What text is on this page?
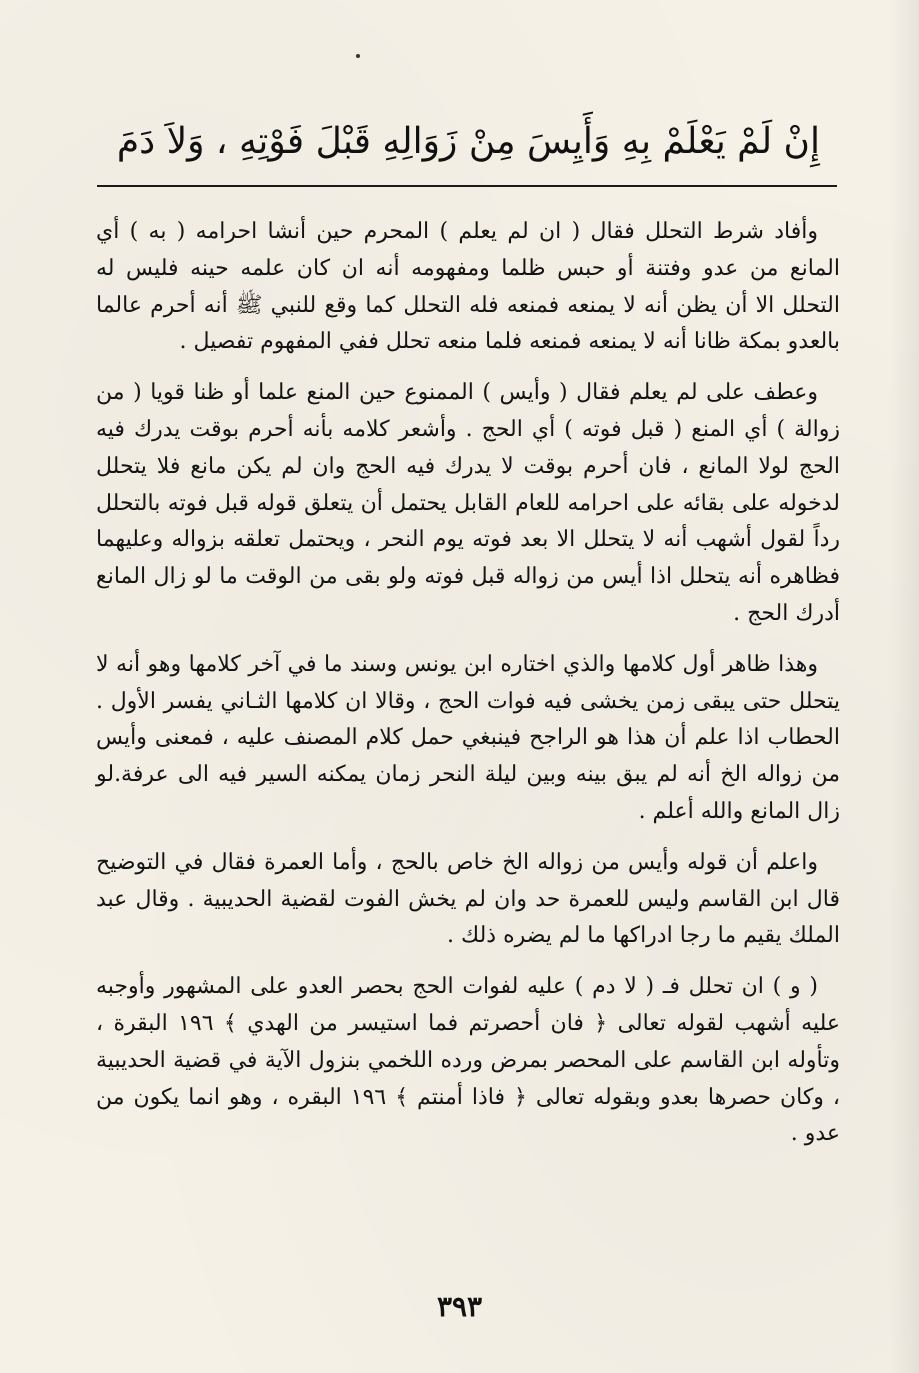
إِنْ لَمْ يَعْلَمْ بِهِ وَأَيِسَ مِنْ زَوَالِهِ قَبْلَ فَوْتِهِ ، وَلاَ دَمَ

وأفاد شرط التحلل فقال ( ان لم يعلم ) المحرم حين أنشا احرامه ( به ) أي المانع من عدو وفتنة أو حبس ظلما ومفهومه أنه ان كان علمه حينه فليس له التحلل الا أن يظن أنه لا يمنعه فمنعه فله التحلل كما وقع للنبي ﷺ أنه أحرم عالما بالعدو بمكة ظانا أنه لا يمنعه فمنعه فلما منعه تحلل ففي المفهوم تفصيل .

وعطف على لم يعلم فقال ( وأيس ) الممنوع حين المنع علما أو ظنا قويا ( من زوالة ) أي المنع ( قبل فوته ) أي الحج . وأشعر كلامه بأنه أحرم بوقت يدرك فيه الحج لولا المانع ، فان أحرم بوقت لا يدرك فيه الحج وان لم يكن مانع فلا يتحلل لدخوله على بقائه على احرامه للعام القابل يحتمل أن يتعلق قوله قبل فوته بالتحلل رداً لقول أشهب أنه لا يتحلل الا بعد فوته يوم النحر ، ويحتمل تعلقه بزواله وعليهما فظاهره أنه يتحلل اذا أيس من زواله قبل فوته ولو بقى من الوقت ما لو زال المانع أدرك الحج .

وهذا ظاهر أول كلامها والذي اختاره ابن يونس وسند ما في آخر كلامها وهو أنه لا يتحلل حتى يبقى زمن يخشى فيه فوات الحج ، وقالا ان كلامها الثـاني يفسر الأول . الحطاب اذا علم أن هذا هو الراجح فينبغي حمل كلام المصنف عليه ، فمعنى وأيس من زواله الخ أنه لم يبق بينه وبين ليلة النحر زمان يمكنه السير فيه الى عرفة.لو زال المانع والله أعلم .

واعلم أن قوله وأيس من زواله الخ خاص بالحج ، وأما العمرة فقال في التوضيح قال ابن القاسم وليس للعمرة حد وان لم يخش الفوت لقضية الحديبية . وقال عبد الملك يقيم ما رجا ادراكها ما لم يضره ذلك .

( و ) ان تحلل فـ ( لا دم ) عليه لفوات الحج بحصر العدو على المشهور وأوجبه عليه أشهب لقوله تعالى ﴿ فان أحصرتم فما استيسر من الهدي ﴾ ١٩٦ البقرة ، وتأوله ابن القاسم على المحصر بمرض ورده اللخمي بنزول الآية في قضية الحديبية ، وكان حصرها بعدو وبقوله تعالى ﴿ فاذا أمنتم ﴾ ١٩٦ البقره ، وهو انما يكون من عدو .

٣٩٣
